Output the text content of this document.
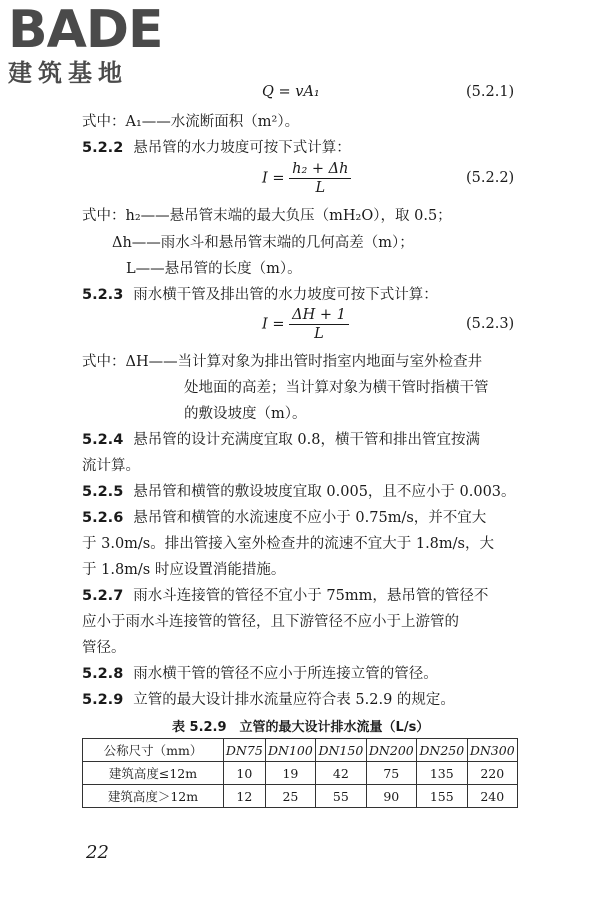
BADE
建筑基地
Q = vA₁	(5.2.1)
式中：A₁——水流断面积（m²）。
5.2.2 悬吊管的水力坡度可按下式计算：
$I = \frac{\text{h₂ + Δh}}{L}$	(5.2.2)
式中：h₂——悬吊管末端的最大负压（mH₂O），取 0.5；
Δh——雨水斗和悬吊管末端的几何高差（m）；
L——悬吊管的长度（m）。
5.2.3 雨水横干管及排出管的水力坡度可按下式计算：
$I = \frac{\Delta H + 1}{L}$	(5.2.3)
式中：ΔH——当计算对象为排出管时指室内地面与室外检查井
处地面的高差；当计算对象为横干管时指横干管
的敷设坡度（m）。
5.2.4 悬吊管的设计充满度宜取 0.8，横干管和排出管宜按满
流计算。
5.2.5 悬吊管和横管的敷设坡度宜取 0.005，且不应小于 0.003。
5.2.6 悬吊管和横管的水流速度不应小于 0.75m/s，并不宜大
于 3.0m/s。排出管接入室外检查井的流速不宜大于 1.8m/s，大
于 1.8m/s 时应设置消能措施。
5.2.7 雨水斗连接管的管径不宜小于 75mm，悬吊管的管径不
应小于雨水斗连接管的管径，且下游管径不应小于上游管的
管径。
5.2.8 雨水横干管的管径不应小于所连接立管的管径。
5.2.9 立管的最大设计排水流量应符合表 5.2.9 的规定。
表 5.2.9　立管的最大设计排水流量（L/s）
公称尺寸（mm）	DN75	DN100	DN150	DN200	DN250	DN300
建筑高度≤12m	10	19	42	75	135	220
建筑高度＞12m	12	25	55	90	155	240
22
